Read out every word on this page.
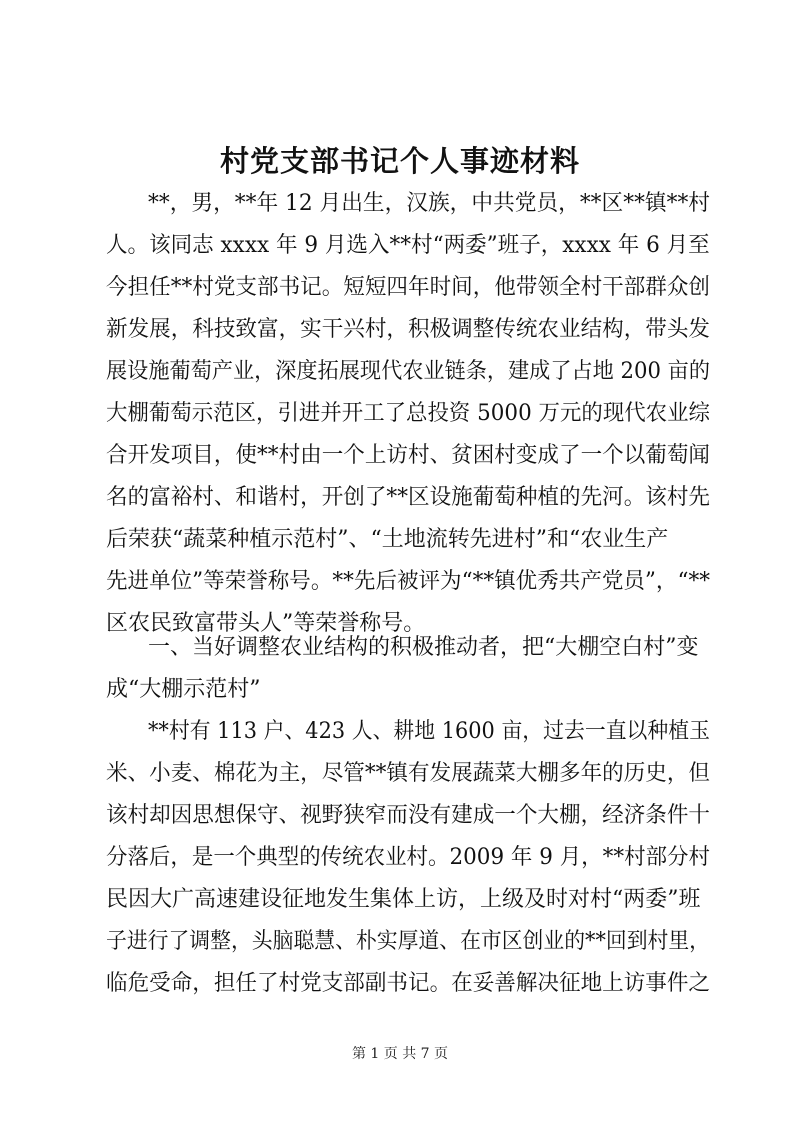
村党支部书记个人事迹材料
**，男，**年 12 月出生，汉族，中共党员，**区**镇**村
人。该同志 xxxx 年 9 月选入**村“两委”班子，xxxx 年 6 月至
今担任**村党支部书记。短短四年时间，他带领全村干部群众创
新发展，科技致富，实干兴村，积极调整传统农业结构，带头发
展设施葡萄产业，深度拓展现代农业链条，建成了占地 200 亩的
大棚葡萄示范区，引进并开工了总投资 5000 万元的现代农业综
合开发项目，使**村由一个上访村、贫困村变成了一个以葡萄闻
名的富裕村、和谐村，开创了**区设施葡萄种植的先河。该村先
后荣获“蔬菜种植示范村”、“土地流转先进村”和“农业生产
先进单位”等荣誉称号。**先后被评为“**镇优秀共产党员”，“**
区农民致富带头人”等荣誉称号。
一、当好调整农业结构的积极推动者，把“大棚空白村”变
成“大棚示范村”
**村有 113 户、423 人、耕地 1600 亩，过去一直以种植玉
米、小麦、棉花为主，尽管**镇有发展蔬菜大棚多年的历史，但
该村却因思想保守、视野狭窄而没有建成一个大棚，经济条件十
分落后，是一个典型的传统农业村。2009 年 9 月，**村部分村
民因大广高速建设征地发生集体上访，上级及时对村“两委”班
子进行了调整，头脑聪慧、朴实厚道、在市区创业的**回到村里，
临危受命，担任了村党支部副书记。在妥善解决征地上访事件之
第 1 页 共 7 页
